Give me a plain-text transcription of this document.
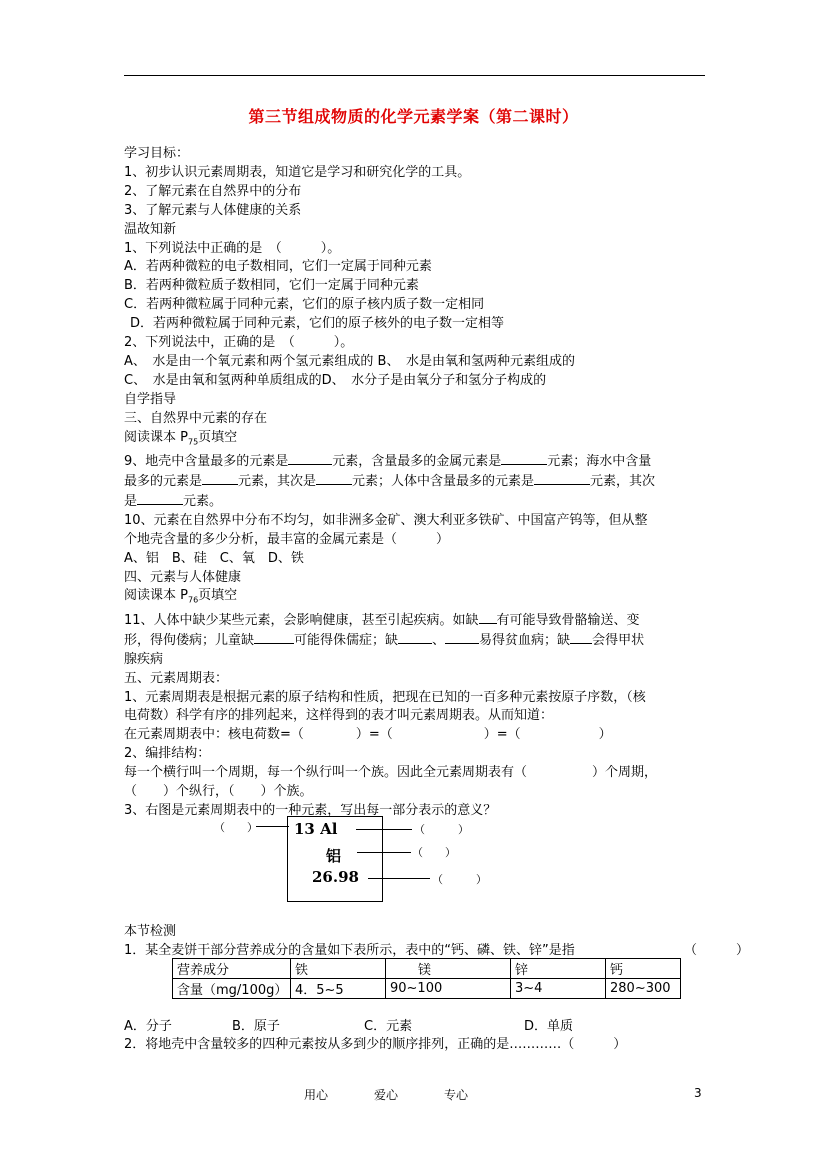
第三节组成物质的化学元素学案（第二课时）
学习目标：
1、初步认识元素周期表，知道它是学习和研究化学的工具。
2、了解元素在自然界中的分布
3、了解元素与人体健康的关系
温故知新
1、下列说法中正确的是　（　　　）。
A．若两种微粒的电子数相同，它们一定属于同种元素
B．若两种微粒质子数相同，它们一定属于同种元素
C．若两种微粒属于同种元素，它们的原子核内质子数一定相同
D．若两种微粒属于同种元素，它们的原子核外的电子数一定相等
2、下列说法中，正确的是　（　　　）。
A、　水是由一个氧元素和两个氢元素组成的 B、　水是由氧和氢两种元素组成的
C、　水是由氧和氢两种单质组成的D、　水分子是由氧分子和氢分子构成的
自学指导
三、自然界中元素的存在
阅读课本 $P_{75}$页填空
9、地壳中含量最多的元素是	元素，含量最多的金属元素是	元素；海水中含量
最多的元素是	元素，其次是	元素；人体中含量最多的元素是	元素，其次
是	元素。
10、元素在自然界中分布不均匀，如非洲多金矿、澳大利亚多铁矿、中国富产钨等，但从整
个地壳含量的多少分析，最丰富的金属元素是（　　　）
A、铝　B、硅　C、氧　D、铁
四、元素与人体健康
阅读课本 $P_{76}$页填空
11、人体中缺少某些元素，会影响健康，甚至引起疾病。如缺 有可能导致骨骼输送、变
形，得佝偻病；儿童缺	可能得侏儒症；缺	、	易得贫血病；缺 会得甲状
腺疾病
五、元素周期表：
1、元素周期表是根据元素的原子结构和性质，把现在已知的一百多种元素按原子序数，（核
电荷数）科学有序的排列起来，这样得到的表才叫元素周期表。从而知道：
在元素周期表中：核电荷数=（　　　　）=（　　　　　　　）=（　　　　　　）
2、编排结构：
每一个横行叫一个周期，每一个纵行叫一个族。因此全元素周期表有（　　　　　）个周期，
（　　）个纵行，（　　）个族。
3、右图是元素周期表中的一种元素，写出每一部分表示的意义？
（　　） 13 Al
铝
26.98
（　　　）
（　　）
（　　　）
本节检测
1．某全麦饼干部分营养成分的含量如下表所示，表中的“钙、磷、铁、锌”是指	（　　　）
营养成分	铁	镁	锌	钙
含量（mg/100g）	4．5~5	90~100	3~4	280~300
A．分子	B．原子	C．元素	D．单质
2．将地壳中含量较多的四种元素按从多到少的顺序排列，正确的是…………（　　　）
用心	爱心	专心	3
